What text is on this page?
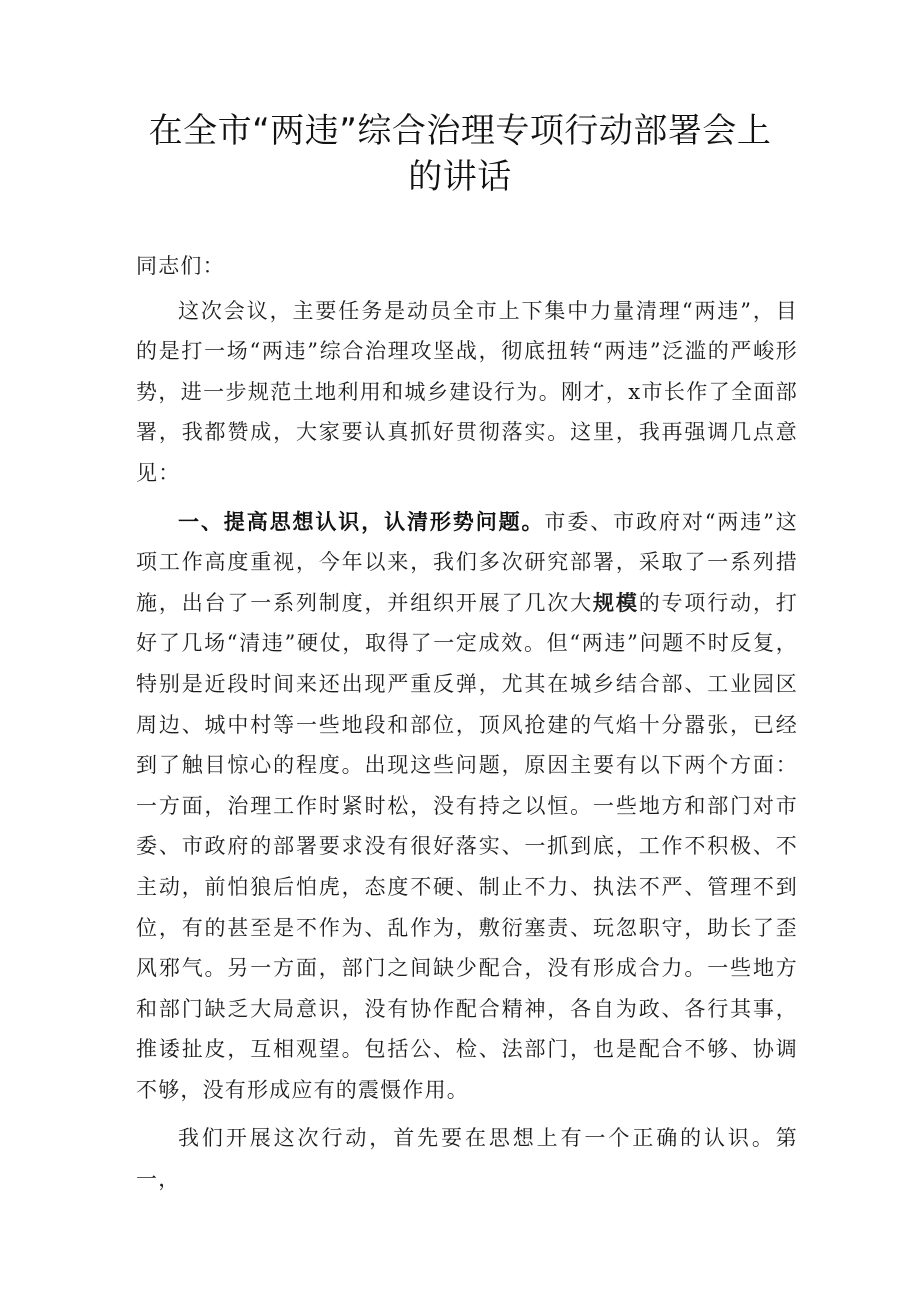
在全市“两违”综合治理专项行动部署会上
的讲话

同志们：

这次会议，主要任务是动员全市上下集中力量清理“两违”，目的是打一场“两违”综合治理攻坚战，彻底扭转“两违”泛滥的严峻形势，进一步规范土地利用和城乡建设行为。刚才，x市长作了全面部署，我都赞成，大家要认真抓好贯彻落实。这里，我再强调几点意见：

一、提高思想认识，认清形势问题。市委、市政府对“两违”这项工作高度重视，今年以来，我们多次研究部署，采取了一系列措施，出台了一系列制度，并组织开展了几次大规模的专项行动，打好了几场“清违”硬仗，取得了一定成效。但“两违”问题不时反复，特别是近段时间来还出现严重反弹，尤其在城乡结合部、工业园区周边、城中村等一些地段和部位，顶风抢建的气焰十分嚣张，已经到了触目惊心的程度。出现这些问题，原因主要有以下两个方面：一方面，治理工作时紧时松，没有持之以恒。一些地方和部门对市委、市政府的部署要求没有很好落实、一抓到底，工作不积极、不主动，前怕狼后怕虎，态度不硬、制止不力、执法不严、管理不到位，有的甚至是不作为、乱作为，敷衍塞责、玩忽职守，助长了歪风邪气。另一方面，部门之间缺少配合，没有形成合力。一些地方和部门缺乏大局意识，没有协作配合精神，各自为政、各行其事，推诿扯皮，互相观望。包括公、检、法部门，也是配合不够、协调不够，没有形成应有的震慑作用。

我们开展这次行动，首先要在思想上有一个正确的认识。第一，
